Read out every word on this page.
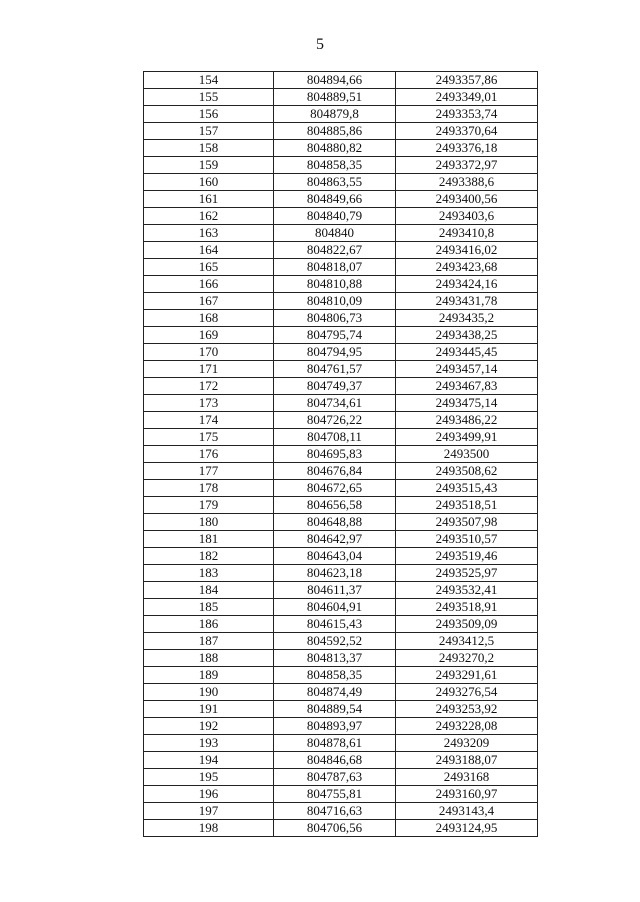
5
154	804894,66	2493357,86
155	804889,51	2493349,01
156	804879,8	2493353,74
157	804885,86	2493370,64
158	804880,82	2493376,18
159	804858,35	2493372,97
160	804863,55	2493388,6
161	804849,66	2493400,56
162	804840,79	2493403,6
163	804840	2493410,8
164	804822,67	2493416,02
165	804818,07	2493423,68
166	804810,88	2493424,16
167	804810,09	2493431,78
168	804806,73	2493435,2
169	804795,74	2493438,25
170	804794,95	2493445,45
171	804761,57	2493457,14
172	804749,37	2493467,83
173	804734,61	2493475,14
174	804726,22	2493486,22
175	804708,11	2493499,91
176	804695,83	2493500
177	804676,84	2493508,62
178	804672,65	2493515,43
179	804656,58	2493518,51
180	804648,88	2493507,98
181	804642,97	2493510,57
182	804643,04	2493519,46
183	804623,18	2493525,97
184	804611,37	2493532,41
185	804604,91	2493518,91
186	804615,43	2493509,09
187	804592,52	2493412,5
188	804813,37	2493270,2
189	804858,35	2493291,61
190	804874,49	2493276,54
191	804889,54	2493253,92
192	804893,97	2493228,08
193	804878,61	2493209
194	804846,68	2493188,07
195	804787,63	2493168
196	804755,81	2493160,97
197	804716,63	2493143,4
198	804706,56	2493124,95
